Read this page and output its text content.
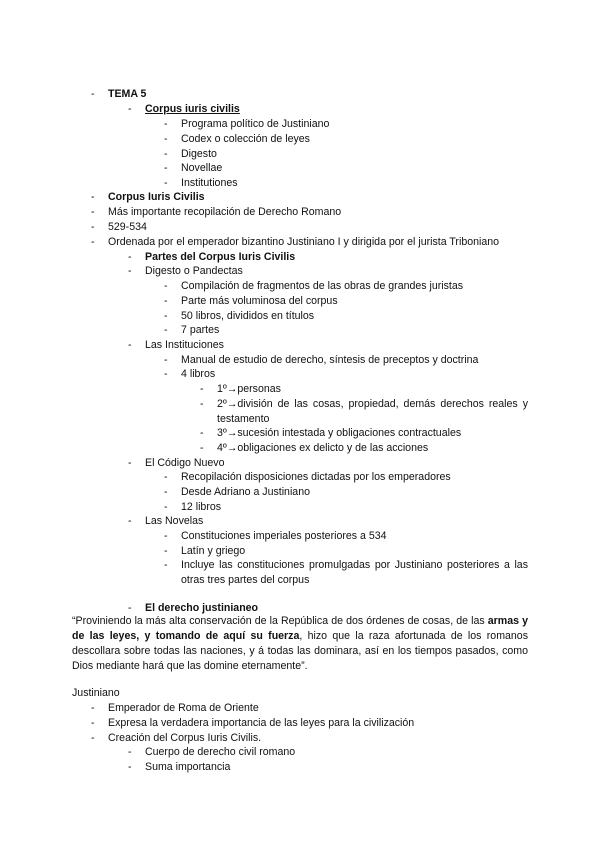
- TEMA 5
- Corpus iuris civilis
- Programa político de Justiniano
- Codex o colección de leyes
- Digesto
- Novellae
- Institutiones
- Corpus Iuris Civilis
- Más importante recopilación de Derecho Romano
- 529-534
- Ordenada por el emperador bizantino Justiniano I y dirigida por el jurista Triboniano
- Partes del Corpus Iuris Civilis
- Digesto o Pandectas
- Compilación de fragmentos de las obras de grandes juristas
- Parte más voluminosa del corpus
- 50 libros, divididos en títulos
- 7 partes
- Las Instituciones
- Manual de estudio de derecho, síntesis de preceptos y doctrina
- 4 libros
- 1º→personas
- 2º→división de las cosas, propiedad, demás derechos reales y testamento
- 3º→sucesión intestada y obligaciones contractuales
- 4º→obligaciones ex delicto y de las acciones
- El Código Nuevo
- Recopilación disposiciones dictadas por los emperadores
- Desde Adriano a Justiniano
- 12 libros
- Las Novelas
- Constituciones imperiales posteriores a 534
- Latín y griego
- Incluye las constituciones promulgadas por Justiniano posteriores a las otras tres partes del corpus
- El derecho justinianeo
“Proviniendo la más alta conservación de la República de dos órdenes de cosas, de las armas y de las leyes, y tomando de aquí su fuerza, hizo que la raza afortunada de los romanos descollara sobre todas las naciones, y á todas las dominara, así en los tiempos pasados, como Dios mediante hará que las domine eternamente”.
Justiniano
- Emperador de Roma de Oriente
- Expresa la verdadera importancia de las leyes para la civilización
- Creación del Corpus Iuris Civilis.
- Cuerpo de derecho civil romano
- Suma importancia
